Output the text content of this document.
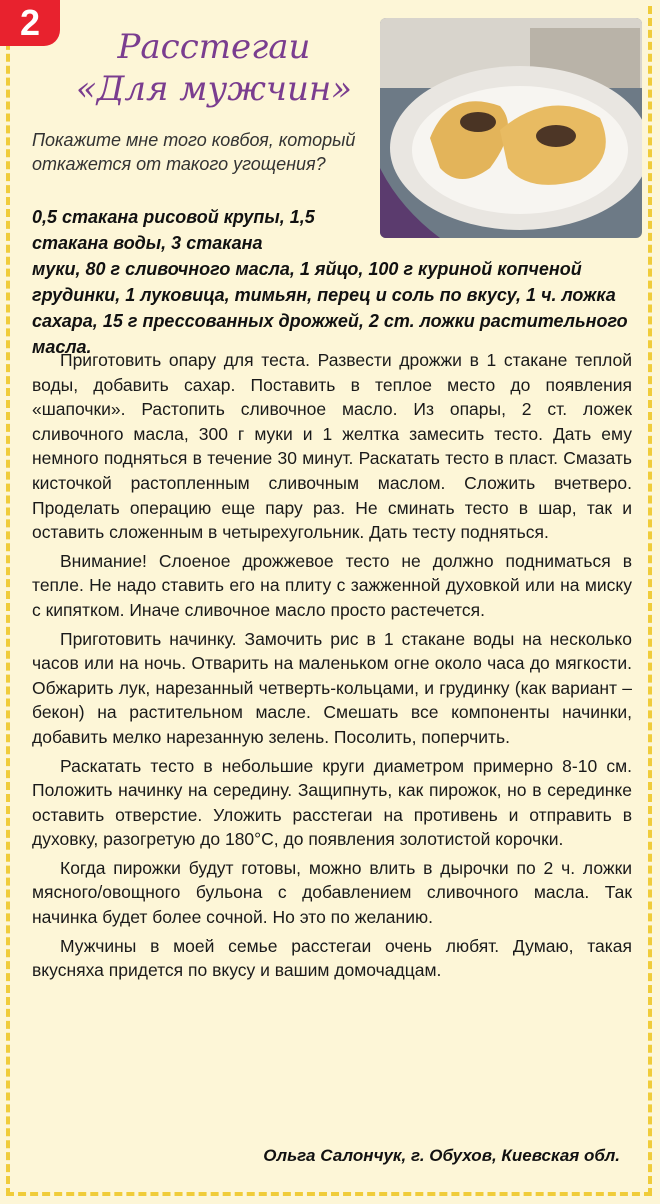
2
Расстегаи
«Для мужчин»
Покажите мне того ковбоя, который откажется от такого угощения?
0,5 стакана рисовой крупы, 1,5 стакана воды, 3 стакана
муки, 80 г сливочного масла, 1 яйцо, 100 г куриной копченой грудинки, 1 луковица, тимьян, перец и соль по вкусу, 1 ч. ложка сахара, 15 г прессованных дрожжей, 2 ст. ложки растительного масла.

Приготовить опару для теста. Развести дрожжи в 1 стакане теплой воды, добавить сахар. Поставить в теплое место до появления «шапочки». Растопить сливочное масло. Из опары, 2 ст. ложек сливочного масла, 300 г муки и 1 желтка замесить тесто. Дать ему немного подняться в течение 30 минут. Раскатать тесто в пласт. Смазать кисточкой растопленным сливочным маслом. Сложить вчетверо. Проделать операцию еще пару раз. Не сминать тесто в шар, так и оставить сложенным в четырехугольник. Дать тесту подняться.

Внимание! Слоеное дрожжевое тесто не должно подниматься в тепле. Не надо ставить его на плиту с зажженной духовкой или на миску с кипятком. Иначе сливочное масло просто растечется.

Приготовить начинку. Замочить рис в 1 стакане воды на несколько часов или на ночь. Отварить на маленьком огне около часа до мягкости. Обжарить лук, нарезанный четверть-кольцами, и грудинку (как вариант – бекон) на растительном масле. Смешать все компоненты начинки, добавить мелко нарезанную зелень. Посолить, поперчить.

Раскатать тесто в небольшие круги диаметром примерно 8-10 см. Положить начинку на середину. Защипнуть, как пирожок, но в серединке оставить отверстие. Уложить расстегаи на противень и отправить в духовку, разогретую до 180°С, до появления золотистой корочки.

Когда пирожки будут готовы, можно влить в дырочки по 2 ч. ложки мясного/овощного бульона с добавлением сливочного масла. Так начинка будет более сочной. Но это по желанию.

Мужчины в моей семье расстегаи очень любят. Думаю, такая вкусняха придется по вкусу и вашим домочадцам.

Ольга Салончук, г. Обухов, Киевская обл.
